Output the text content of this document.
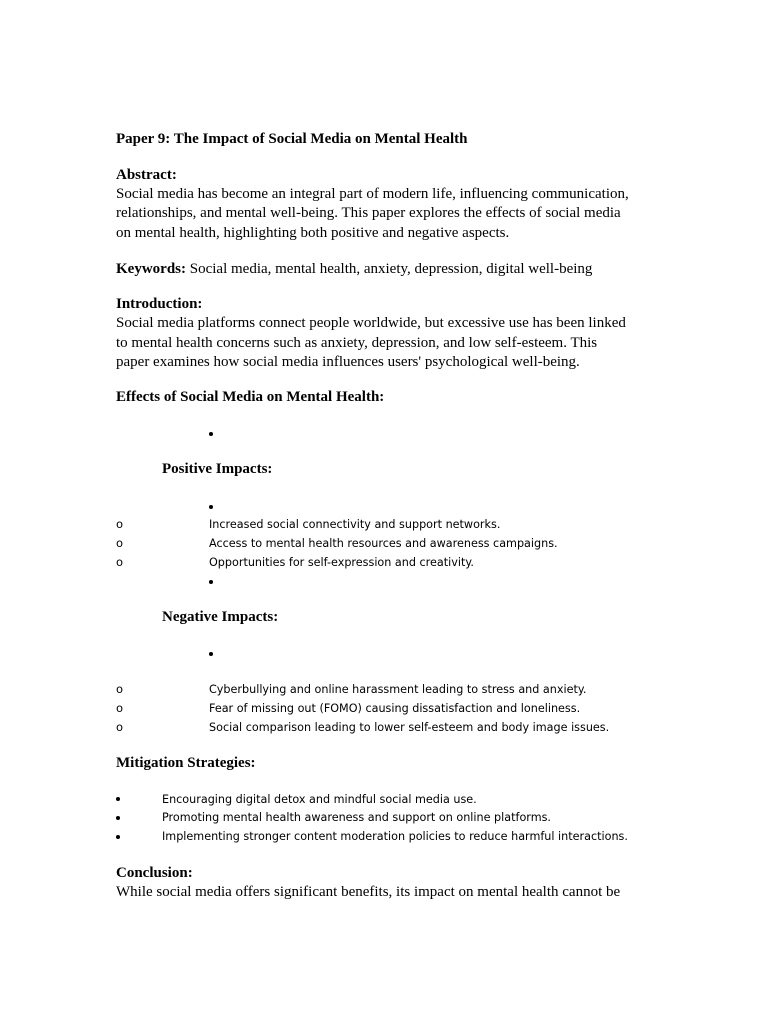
Paper 9: The Impact of Social Media on Mental Health
Abstract:
Social media has become an integral part of modern life, influencing communication,
relationships, and mental well-being. This paper explores the effects of social media
on mental health, highlighting both positive and negative aspects.
Keywords: Social media, mental health, anxiety, depression, digital well-being
Introduction:
Social media platforms connect people worldwide, but excessive use has been linked
to mental health concerns such as anxiety, depression, and low self-esteem. This
paper examines how social media influences users' psychological well-being.
Effects of Social Media on Mental Health:
Positive Impacts:
o	Increased social connectivity and support networks.
o	Access to mental health resources and awareness campaigns.
o	Opportunities for self-expression and creativity.
Negative Impacts:
o	Cyberbullying and online harassment leading to stress and anxiety.
o	Fear of missing out (FOMO) causing dissatisfaction and loneliness.
o	Social comparison leading to lower self-esteem and body image issues.
Mitigation Strategies:
Encouraging digital detox and mindful social media use.
Promoting mental health awareness and support on online platforms.
Implementing stronger content moderation policies to reduce harmful interactions.
Conclusion:
While social media offers significant benefits, its impact on mental health cannot be
